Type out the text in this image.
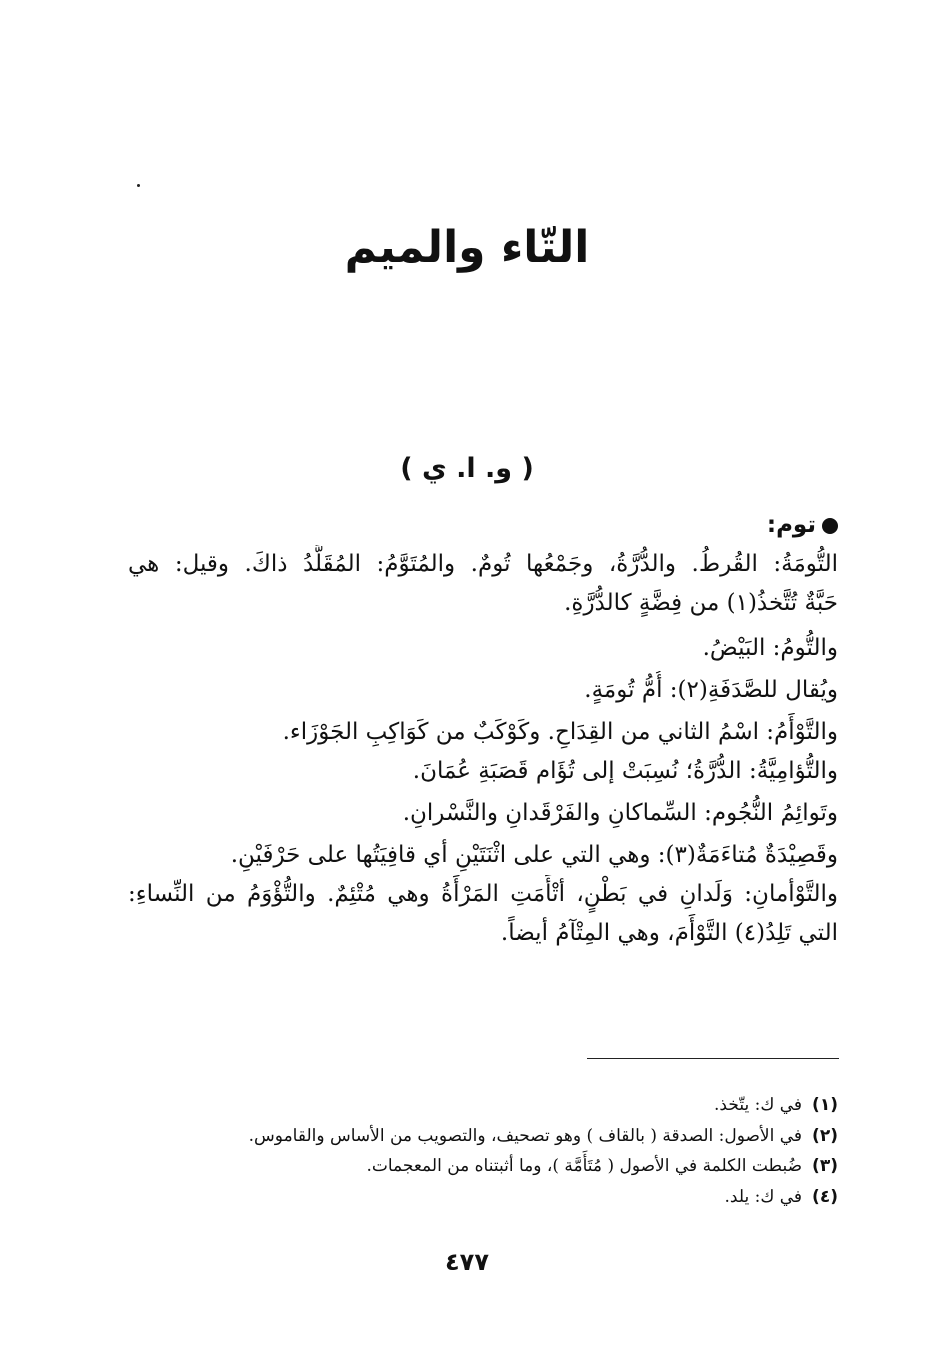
التّاء والميم
( و. ا. ي )
توم:
التُّومَةُ: القُرطُ. والدُّرَّةُ، وجَمْعُها تُومٌ. والمُتَوَّمُ: المُقَلَّدُ ذاكَ. وقيل: هي
حَبَّةٌ تُتَّخذُ(١) من فِضَّةٍ كالدُّرَّةِ.
والتُّومُ: البَيْضُ.
ويُقال للصَّدَفَةِ(٢): أُمُّ تُومَةٍ.
والتَّوْأَمُ: اسْمُ الثاني من القِدَاحِ. وكَوْكَبٌ من كَوَاكِبِ الجَوْزَاء.
والتُّؤامِيَّةُ: الدُّرَّةُ؛ نُسِبَتْ إلى تُؤَام قَصَبَةِ عُمَانَ.
وتَوائِمُ النُّجُوم: السِّماكانِ والفَرْقَدانِ والنَّسْرانِ.
وقَصِيْدَةٌ مُتاءَمَةٌ(٣): وهي التي على اثْنَتَيْنِ أي قافِيَتُها على حَرْفَيْنِ.
والتَّوْأمانِ: وَلَدانِ في بَطْنٍ، أتْأَمَتِ المَرْأَةُ وهي مُتْئِمٌ. والتُّؤْوَمُ من النِّساءِ:
التي تَلِدُ(٤) التَّوْأَمَ، وهي المِتْآمُ أيضاً.
(١)في ك: يتّخذ.
(٢)في الأصول: الصدقة ( بالقاف ) وهو تصحيف، والتصويب من الأساس والقاموس.
(٣)ضُبطت الكلمة في الأصول ( مُتَأَمَّة )، وما أثبتناه من المعجمات.
(٤)في ك: يلد.
٤٧٧
